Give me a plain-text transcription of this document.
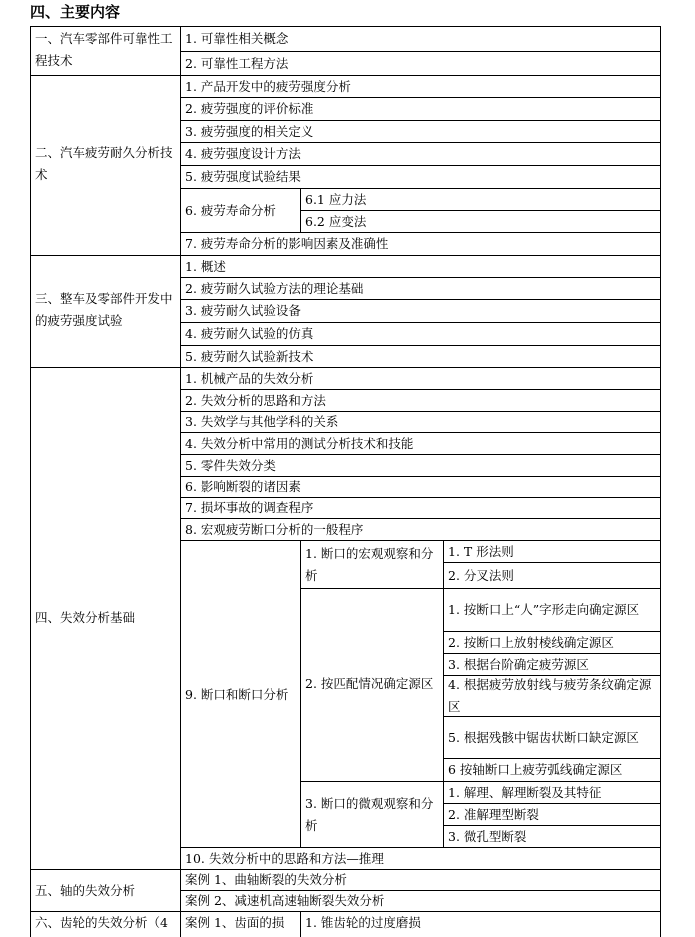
四、主要内容
一、汽车零部件可靠性工程技术
1. 可靠性相关概念
2. 可靠性工程方法
二、汽车疲劳耐久分析技术
1. 产品开发中的疲劳强度分析
2. 疲劳强度的评价标准
3. 疲劳强度的相关定义
4. 疲劳强度设计方法
5. 疲劳强度试验结果
6. 疲劳寿命分析
6.1 应力法
6.2 应变法
7. 疲劳寿命分析的影响因素及准确性
三、整车及零部件开发中的疲劳强度试验
1. 概述
2. 疲劳耐久试验方法的理论基础
3. 疲劳耐久试验设备
4. 疲劳耐久试验的仿真
5. 疲劳耐久试验新技术
四、失效分析基础
1. 机械产品的失效分析
2. 失效分析的思路和方法
3. 失效学与其他学科的关系
4. 失效分析中常用的测试分析技术和技能
5. 零件失效分类
6. 影响断裂的诸因素
7. 损坏事故的调查程序
8. 宏观疲劳断口分析的一般程序
9. 断口和断口分析
1. 断口的宏观观察和分析
1. T 形法则
2. 分叉法则
2. 按匹配情况确定源区
1. 按断口上“人”字形走向确定源区
2. 按断口上放射棱线确定源区
3. 根据台阶确定疲劳源区
4. 根据疲劳放射线与疲劳条纹确定源区
5. 根据残骸中锯齿状断口缺定源区
6 按轴断口上疲劳弧线确定源区
3. 断口的微观观察和分析
1. 解理、解理断裂及其特征
2. 准解理型断裂
3. 微孔型断裂
10. 失效分析中的思路和方法—推理
五、轴的失效分析
案例 1、曲轴断裂的失效分析
案例 2、减速机高速轴断裂失效分析
六、齿轮的失效分析（4	案例 1、齿面的损	1. 锥齿轮的过度磨损
